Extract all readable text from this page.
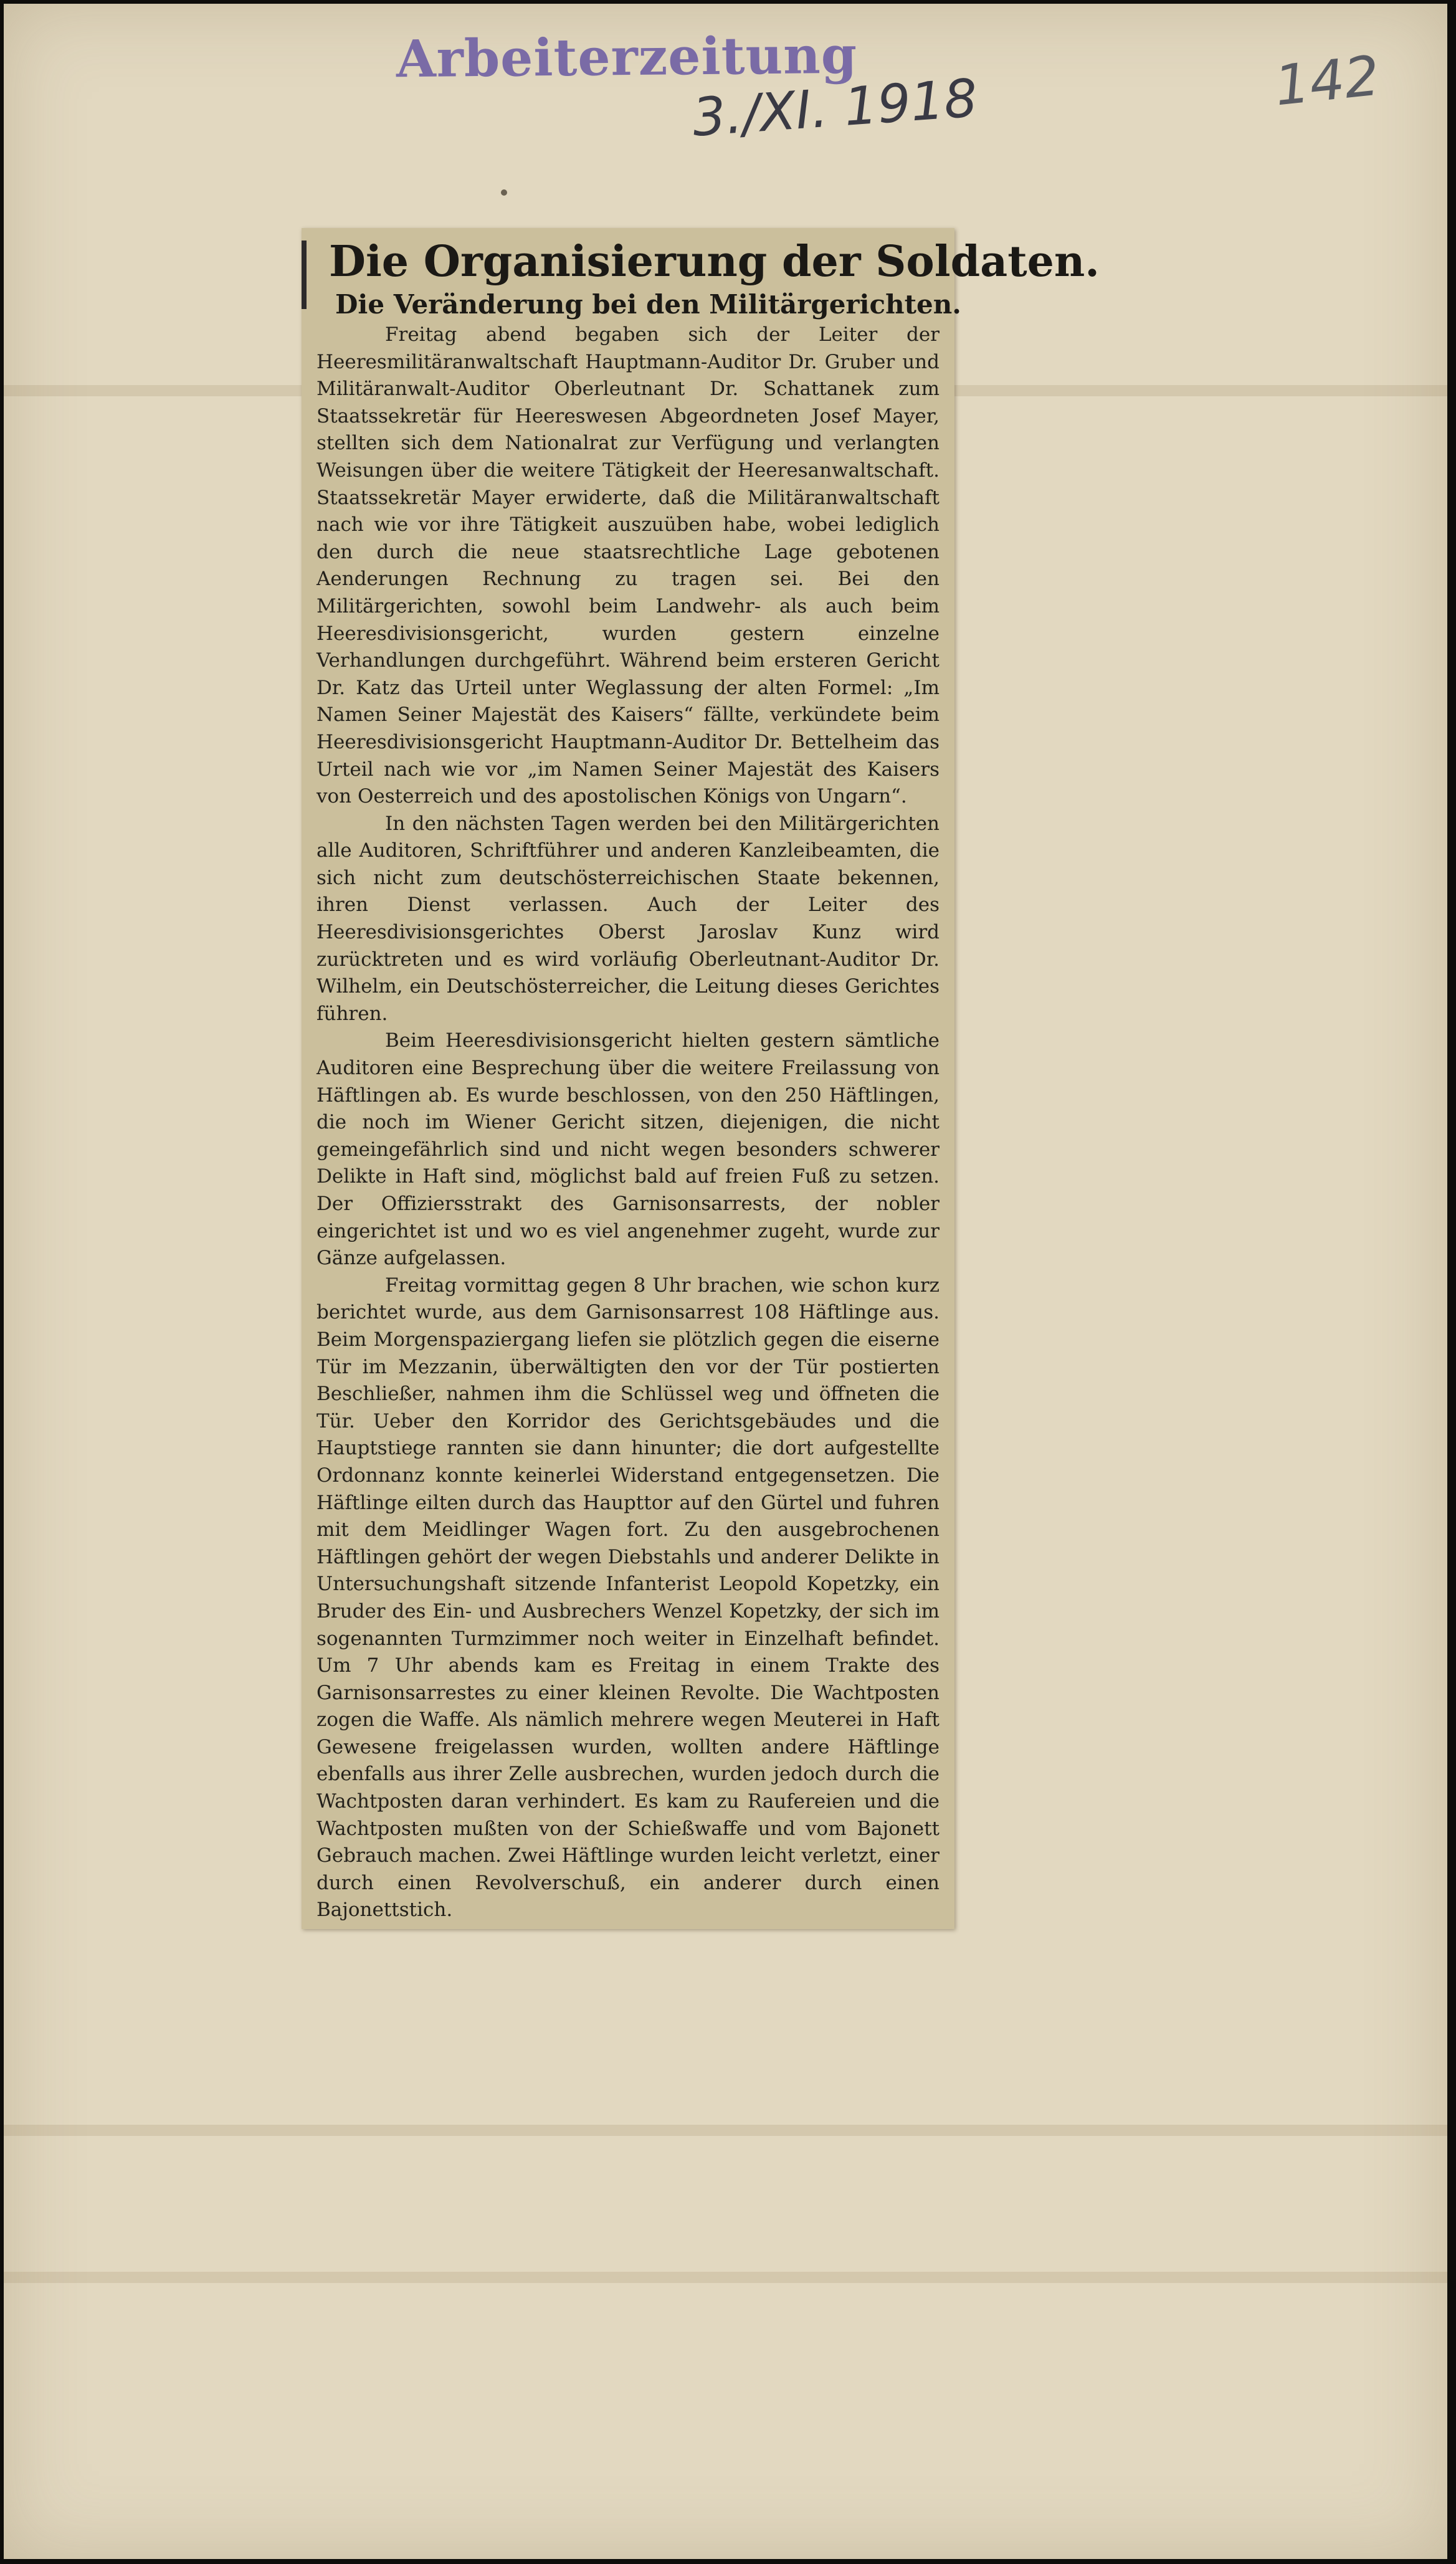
Arbeiterzeitung
3./XI. 1918	142
Die Organisierung der Soldaten.
Die Veränderung bei den Militärgerichten.

Freitag abend begaben sich der Leiter der Heeresmilitäranwaltschaft Hauptmann-Auditor Dr. Gruber und Militäranwalt-Auditor Oberleutnant Dr. Schattanek zum Staatssekretär für Heereswesen Abgeordneten Josef Mayer, stellten sich dem Nationalrat zur Verfügung und verlangten Weisungen über die weitere Tätigkeit der Heeresanwaltschaft. Staatssekretär Mayer erwiderte, daß die Militäranwaltschaft nach wie vor ihre Tätigkeit auszuüben habe, wobei lediglich den durch die neue staatsrechtliche Lage gebotenen Aenderungen Rechnung zu tragen sei. Bei den Militärgerichten, sowohl beim Landwehr- als auch beim Heeresdivisionsgericht, wurden gestern einzelne Verhandlungen durchgeführt. Während beim ersteren Gericht Dr. Katz das Urteil unter Weglassung der alten Formel: „Im Namen Seiner Majestät des Kaisers“ fällte, verkündete beim Heeresdivisionsgericht Hauptmann-Auditor Dr. Bettelheim das Urteil nach wie vor „im Namen Seiner Majestät des Kaisers von Oesterreich und des apostolischen Königs von Ungarn“.

In den nächsten Tagen werden bei den Militärgerichten alle Auditoren, Schriftführer und anderen Kanzleibeamten, die sich nicht zum deutschösterreichischen Staate bekennen, ihren Dienst verlassen. Auch der Leiter des Heeresdivisionsgerichtes Oberst Jaroslav Kunz wird zurücktreten und es wird vorläufig Oberleutnant-Auditor Dr. Wilhelm, ein Deutschösterreicher, die Leitung dieses Gerichtes führen.

Beim Heeresdivisionsgericht hielten gestern sämtliche Auditoren eine Besprechung über die weitere Freilassung von Häftlingen ab. Es wurde beschlossen, von den 250 Häftlingen, die noch im Wiener Gericht sitzen, diejenigen, die nicht gemeingefährlich sind und nicht wegen besonders schwerer Delikte in Haft sind, möglichst bald auf freien Fuß zu setzen. Der Offiziersstrakt des Garnisonsarrests, der nobler eingerichtet ist und wo es viel angenehmer zugeht, wurde zur Gänze aufgelassen.

Freitag vormittag gegen 8 Uhr brachen, wie schon kurz berichtet wurde, aus dem Garnisonsarrest 108 Häftlinge aus. Beim Morgenspaziergang liefen sie plötzlich gegen die eiserne Tür im Mezzanin, überwältigten den vor der Tür postierten Beschließer, nahmen ihm die Schlüssel weg und öffneten die Tür. Ueber den Korridor des Gerichtsgebäudes und die Hauptstiege rannten sie dann hinunter; die dort aufgestellte Ordonnanz konnte keinerlei Widerstand entgegensetzen. Die Häftlinge eilten durch das Haupttor auf den Gürtel und fuhren mit dem Meidlinger Wagen fort. Zu den ausgebrochenen Häftlingen gehört der wegen Diebstahls und anderer Delikte in Untersuchungshaft sitzende Infanterist Leopold Kopetzky, ein Bruder des Ein- und Ausbrechers Wenzel Kopetzky, der sich im sogenannten Turmzimmer noch weiter in Einzelhaft befindet. Um 7 Uhr abends kam es Freitag in einem Trakte des Garnisonsarrestes zu einer kleinen Revolte. Die Wachtposten zogen die Waffe. Als nämlich mehrere wegen Meuterei in Haft Gewesene freigelassen wurden, wollten andere Häftlinge ebenfalls aus ihrer Zelle ausbrechen, wurden jedoch durch die Wachtposten daran verhindert. Es kam zu Raufereien und die Wachtposten mußten von der Schießwaffe und vom Bajonett Gebrauch machen. Zwei Häftlinge wurden leicht verletzt, einer durch einen Revolverschuß, ein anderer durch einen Bajonettstich.
